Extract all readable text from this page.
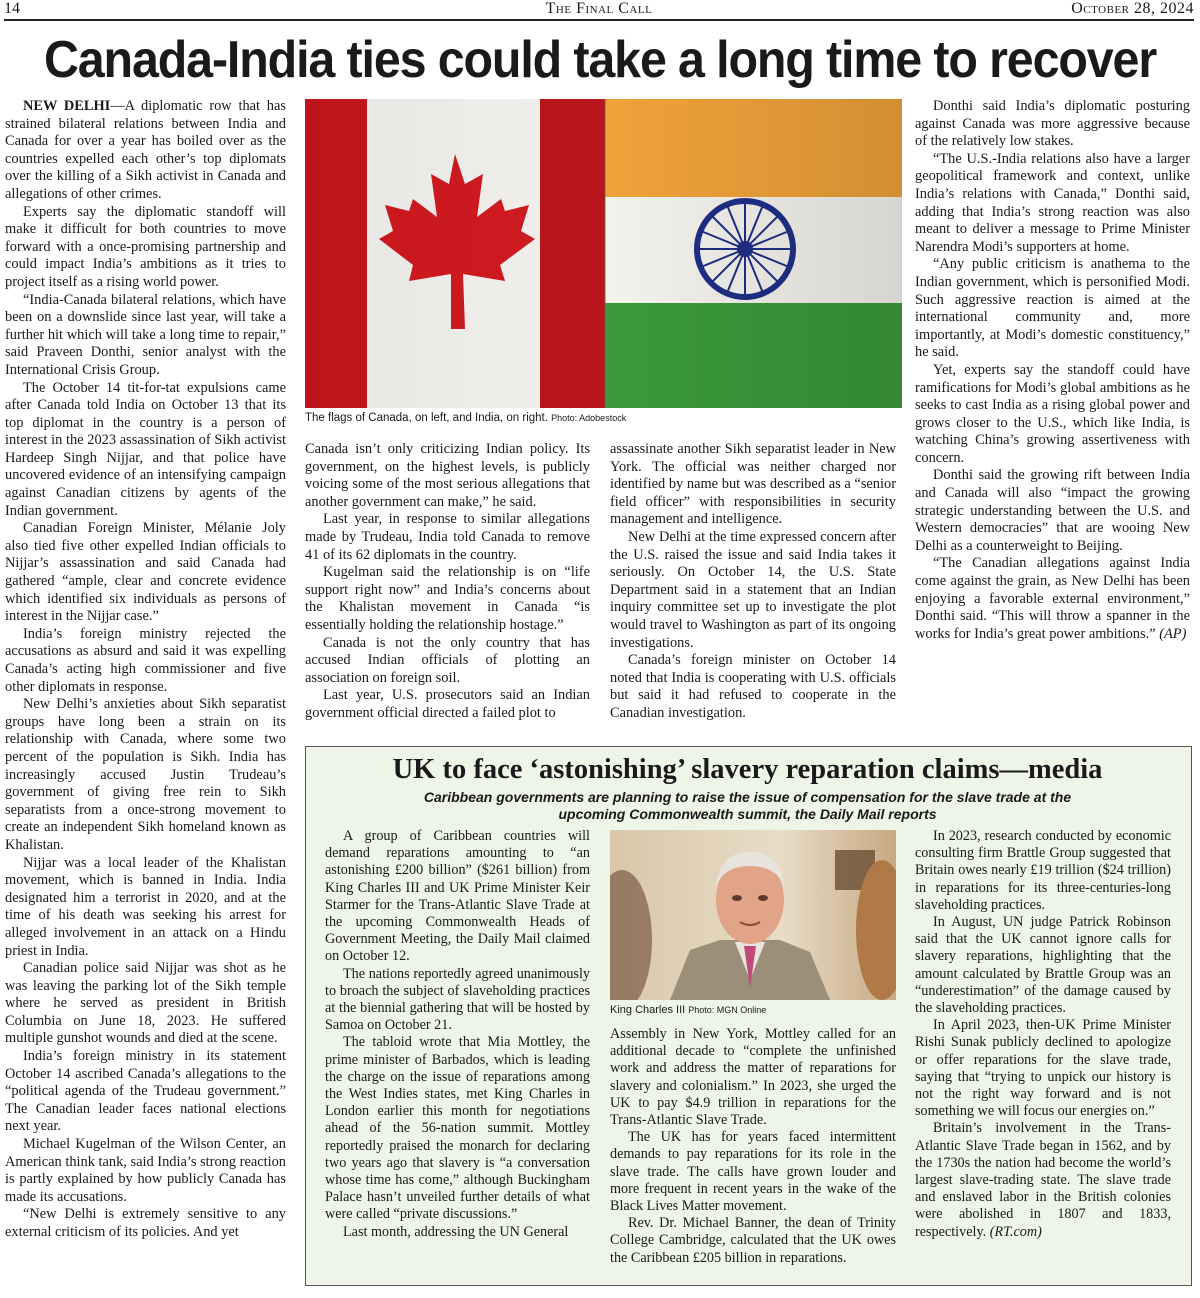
14	The Final Call	October 28, 2024
Canada-India ties could take a long time to recover

NEW DELHI—A diplomatic row that has strained bilateral relations between India and Canada for over a year has boiled over as the countries expelled each other’s top diplomats over the killing of a Sikh activist in Canada and allegations of other crimes.

Experts say the diplomatic standoff will make it difficult for both countries to move forward with a once-promising partnership and could impact India’s ambitions as it tries to project itself as a rising world power.

“India-Canada bilateral relations, which have been on a downslide since last year, will take a further hit which will take a long time to repair,” said Praveen Donthi, senior analyst with the International Crisis Group.

The October 14 tit-for-tat expulsions came after Canada told India on October 13 that its top diplomat in the country is a person of interest in the 2023 assassination of Sikh activist Hardeep Singh Nijjar, and that police have uncovered evidence of an intensifying campaign against Canadian citizens by agents of the Indian government.

Canadian Foreign Minister, Mélanie Joly also tied five other expelled Indian officials to Nijjar’s assassination and said Canada had gathered “ample, clear and concrete evidence which identified six individuals as persons of interest in the Nijjar case.”

India’s foreign ministry rejected the accusations as absurd and said it was expelling Canada’s acting high commissioner and five other diplomats in response.

New Delhi’s anxieties about Sikh separatist groups have long been a strain on its relationship with Canada, where some two percent of the population is Sikh. India has increasingly accused Justin Trudeau’s government of giving free rein to Sikh separatists from a once-strong movement to create an independent Sikh homeland known as Khalistan.

Nijjar was a local leader of the Khalistan movement, which is banned in India. India designated him a terrorist in 2020, and at the time of his death was seeking his arrest for alleged involvement in an attack on a Hindu priest in India.

Canadian police said Nijjar was shot as he was leaving the parking lot of the Sikh temple where he served as president in British Columbia on June 18, 2023. He suffered multiple gunshot wounds and died at the scene.

India’s foreign ministry in its statement October 14 ascribed Canada’s allegations to the “political agenda of the Trudeau government.” The Canadian leader faces national elections next year.

Michael Kugelman of the Wilson Center, an American think tank, said India’s strong reaction is partly explained by how publicly Canada has made its accusations.

“New Delhi is extremely sensitive to any external criticism of its policies. And yet

The flags of Canada, on left, and India, on right. Photo: Adobestock

Canada isn’t only criticizing Indian policy. Its government, on the highest levels, is publicly voicing some of the most serious allegations that another government can make,” he said.

Last year, in response to similar allegations made by Trudeau, India told Canada to remove 41 of its 62 diplomats in the country.

Kugelman said the relationship is on “life support right now” and India’s concerns about the Khalistan movement in Canada “is essentially holding the relationship hostage.”

Canada is not the only country that has accused Indian officials of plotting an association on foreign soil.

Last year, U.S. prosecutors said an Indian government official directed a failed plot to

assassinate another Sikh separatist leader in New York. The official was neither charged nor identified by name but was described as a “senior field officer” with responsibilities in security management and intelligence.

New Delhi at the time expressed concern after the U.S. raised the issue and said India takes it seriously. On October 14, the U.S. State Department said in a statement that an Indian inquiry committee set up to investigate the plot would travel to Washington as part of its ongoing investigations.

Canada’s foreign minister on October 14 noted that India is cooperating with U.S. officials but said it had refused to cooperate in the Canadian investigation.

Donthi said India’s diplomatic posturing against Canada was more aggressive because of the relatively low stakes.

“The U.S.-India relations also have a larger geopolitical framework and context, unlike India’s relations with Canada,” Donthi said, adding that India’s strong reaction was also meant to deliver a message to Prime Minister Narendra Modi’s supporters at home.

“Any public criticism is anathema to the Indian government, which is personified Modi. Such aggressive reaction is aimed at the international community and, more importantly, at Modi’s domestic constituency,” he said.

Yet, experts say the standoff could have ramifications for Modi’s global ambitions as he seeks to cast India as a rising global power and grows closer to the U.S., which like India, is watching China’s growing assertiveness with concern.

Donthi said the growing rift between India and Canada will also “impact the growing strategic understanding between the U.S. and Western democracies” that are wooing New Delhi as a counterweight to Beijing.

“The Canadian allegations against India come against the grain, as New Delhi has been enjoying a favorable external environment,” Donthi said. “This will throw a spanner in the works for India’s great power ambitions.” (AP)

UK to face ‘astonishing’ slavery reparation claims—media
Caribbean governments are planning to raise the issue of compensation for the slave trade at the upcoming Commonwealth summit, the Daily Mail reports

A group of Caribbean countries will demand reparations amounting to “an astonishing £200 billion” ($261 billion) from King Charles III and UK Prime Minister Keir Starmer for the Trans-Atlantic Slave Trade at the upcoming Commonwealth Heads of Government Meeting, the Daily Mail claimed on October 12.

The nations reportedly agreed unanimously to broach the subject of slaveholding practices at the biennial gathering that will be hosted by Samoa on October 21.

The tabloid wrote that Mia Mottley, the prime minister of Barbados, which is leading the charge on the issue of reparations among the West Indies states, met King Charles in London earlier this month for negotiations ahead of the 56-nation summit. Mottley reportedly praised the monarch for declaring two years ago that slavery is “a conversation whose time has come,” although Buckingham Palace hasn’t unveiled further details of what were called “private discussions.”

Last month, addressing the UN General

King Charles III Photo: MGN Online

Assembly in New York, Mottley called for an additional decade to “complete the unfinished work and address the matter of reparations for slavery and colonialism.” In 2023, she urged the UK to pay $4.9 trillion in reparations for the Trans-Atlantic Slave Trade.

The UK has for years faced intermittent demands to pay reparations for its role in the slave trade. The calls have grown louder and more frequent in recent years in the wake of the Black Lives Matter movement.

Rev. Dr. Michael Banner, the dean of Trinity College Cambridge, calculated that the UK owes the Caribbean £205 billion in reparations.

In 2023, research conducted by economic consulting firm Brattle Group suggested that Britain owes nearly £19 trillion ($24 trillion) in reparations for its three-centuries-long slaveholding practices.

In August, UN judge Patrick Robinson said that the UK cannot ignore calls for slavery reparations, highlighting that the amount calculated by Brattle Group was an “underestimation” of the damage caused by the slaveholding practices.

In April 2023, then-UK Prime Minister Rishi Sunak publicly declined to apologize or offer reparations for the slave trade, saying that “trying to unpick our history is not the right way forward and is not something we will focus our energies on.”

Britain’s involvement in the Trans-Atlantic Slave Trade began in 1562, and by the 1730s the nation had become the world’s largest slave-trading state. The slave trade and enslaved labor in the British colonies were abolished in 1807 and 1833, respectively. (RT.com)
